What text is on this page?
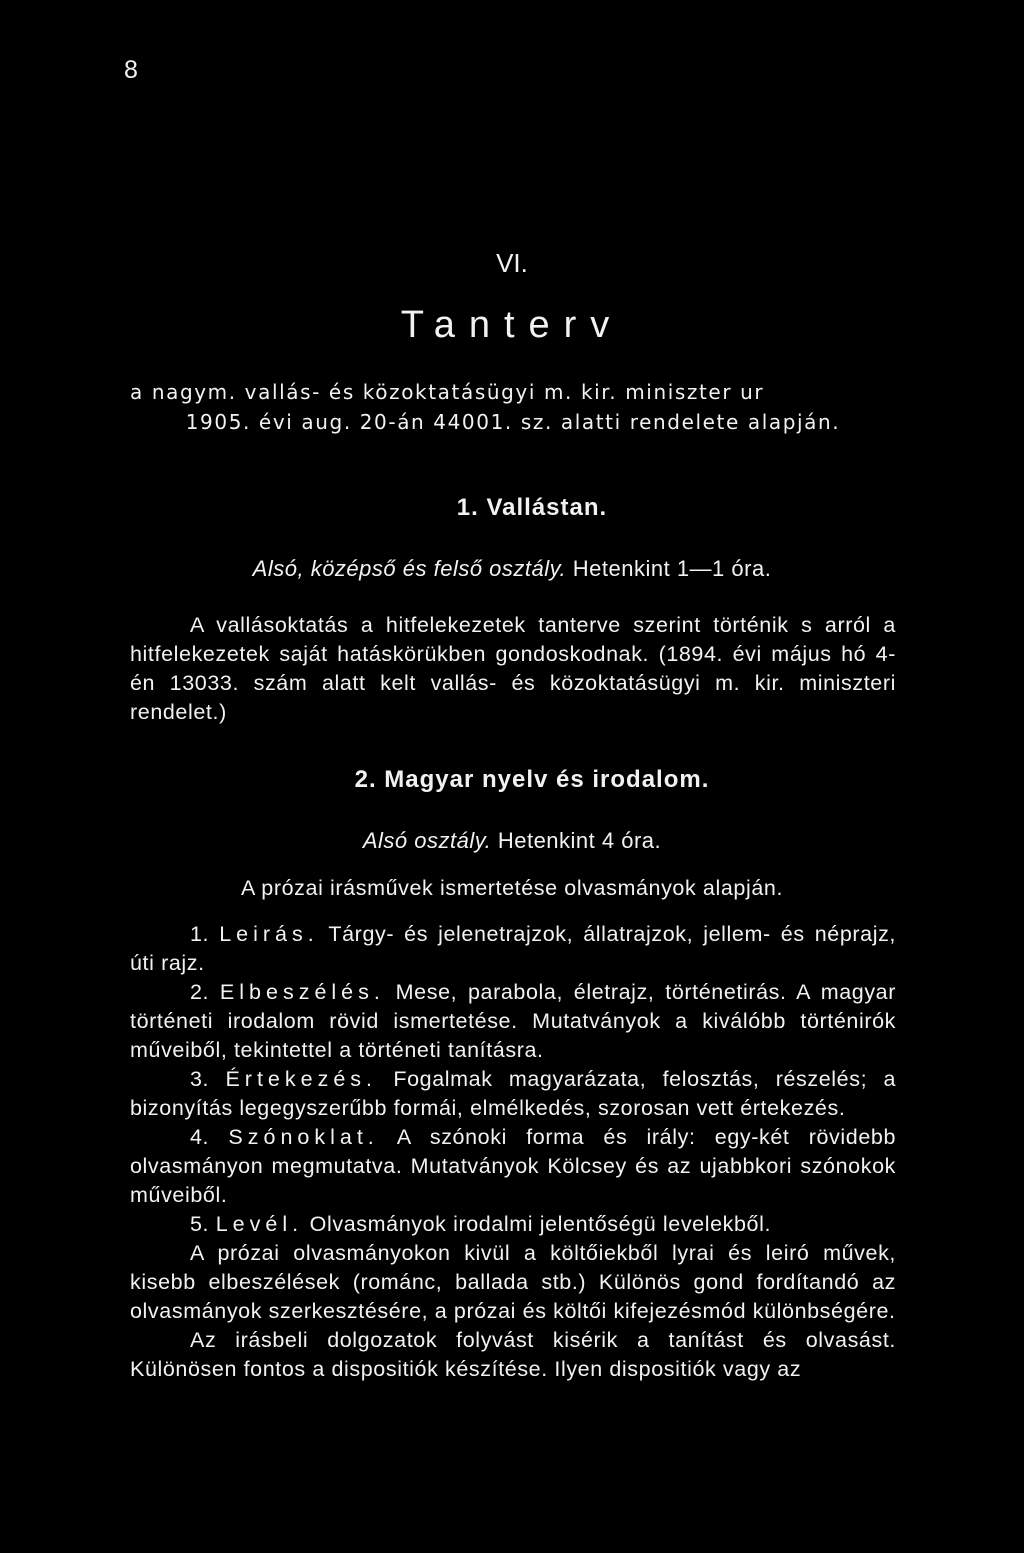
8
VI.
Tanterv
a nagym. vallás- és közoktatásügyi m. kir. miniszter ur
1905. évi aug. 20-án 44001. sz. alatti rendelete alapján.
1. Vallástan.
Alsó, középső és felső osztály. Hetenkint 1—1 óra.

A vallásoktatás a hitfelekezetek tanterve szerint történik s arról a hitfelekezetek saját hatáskörükben gondoskodnak. (1894. évi május hó 4-én 13033. szám alatt kelt vallás- és közoktatásügyi m. kir. miniszteri rendelet.)

2. Magyar nyelv és irodalom.
Alsó osztály. Hetenkint 4 óra.
A prózai irásművek ismertetése olvasmányok alapján.

1. Leirás. Tárgy- és jelenetrajzok, állatrajzok, jellem- és néprajz, úti rajz.

2. Elbeszélés. Mese, parabola, életrajz, történetirás. A magyar történeti irodalom rövid ismertetése. Mutatványok a kiválóbb történirók műveiből, tekintettel a történeti tanításra.

3. Értekezés. Fogalmak magyarázata, felosztás, részelés; a bizonyítás legegyszerűbb formái, elmélkedés, szorosan vett értekezés.

4. Szónoklat. A szónoki forma és irály: egy-két rövidebb olvasmányon megmutatva. Mutatványok Kölcsey és az ujabbkori szónokok műveiből.

5. Levél. Olvasmányok irodalmi jelentőségü levelekből.

A prózai olvasmányokon kivül a költőiekből lyrai és leiró művek, kisebb elbeszélések (románc, ballada stb.) Különös gond fordítandó az olvasmányok szerkesztésére, a prózai és költői kifejezésmód különbségére.

Az irásbeli dolgozatok folyvást kisérik a tanítást és olvasást. Különösen fontos a dispositiók készítése. Ilyen dispositiók vagy az
